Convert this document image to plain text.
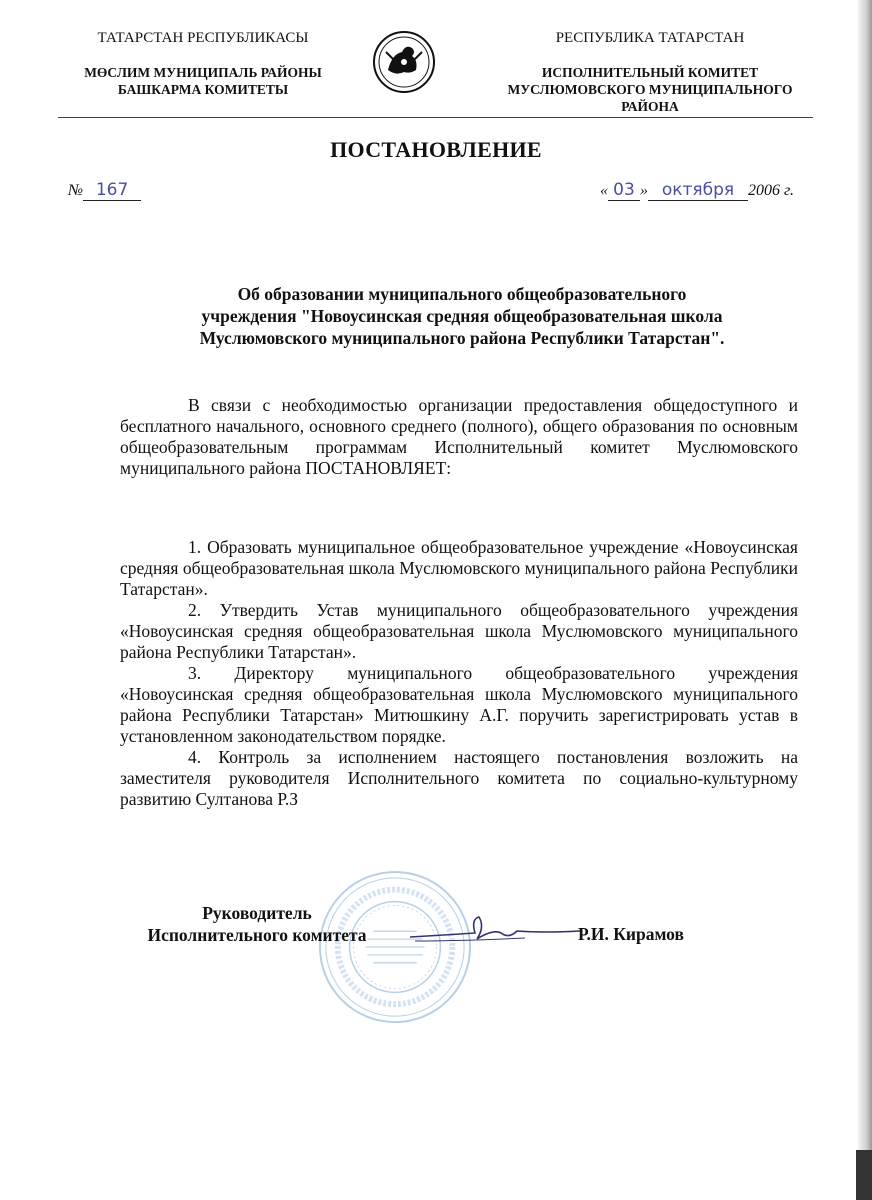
ТАТАРСТАН РЕСПУБЛИКАСЫ
МӨСЛИМ МУНИЦИПАЛЬ РАЙОНЫ
БАШКАРМА КОМИТЕТЫ
РЕСПУБЛИКА ТАТАРСТАН
ИСПОЛНИТЕЛЬНЫЙ КОМИТЕТ
МУСЛЮМОВСКОГО МУНИЦИПАЛЬНОГО
РАЙОНА
ПОСТАНОВЛЕНИЕ
№ 167	« 03 » октября 2006 г.
Об образовании муниципального общеобразовательного
учреждения "Новоусинская средняя общеобразовательная школа
Муслюмовского муниципального района Республики Татарстан".
В связи с необходимостью организации предоставления общедоступного и бесплатного начального, основного среднего (полного), общего образования по основным общеобразовательным программам Исполнительный комитет Муслюмовского муниципального района ПОСТАНОВЛЯЕТ:

1. Образовать муниципальное общеобразовательное учреждение «Новоусинская средняя общеобразовательная школа Муслюмовского муниципального района Республики Татарстан».

2. Утвердить Устав муниципального общеобразовательного учреждения «Новоусинская средняя общеобразовательная школа Муслюмовского муниципального района Республики Татарстан».

3. Директору муниципального общеобразовательного учреждения «Новоусинская средняя общеобразовательная школа Муслюмовского муниципального района Республики Татарстан» Митюшкину А.Г. поручить зарегистрировать устав в установленном законодательством порядке.

4. Контроль за исполнением настоящего постановления возложить на заместителя руководителя Исполнительного комитета по социально-культурному развитию Султанова Р.З

Руководитель
Исполнительного комитета	Р.И. Кирамов
